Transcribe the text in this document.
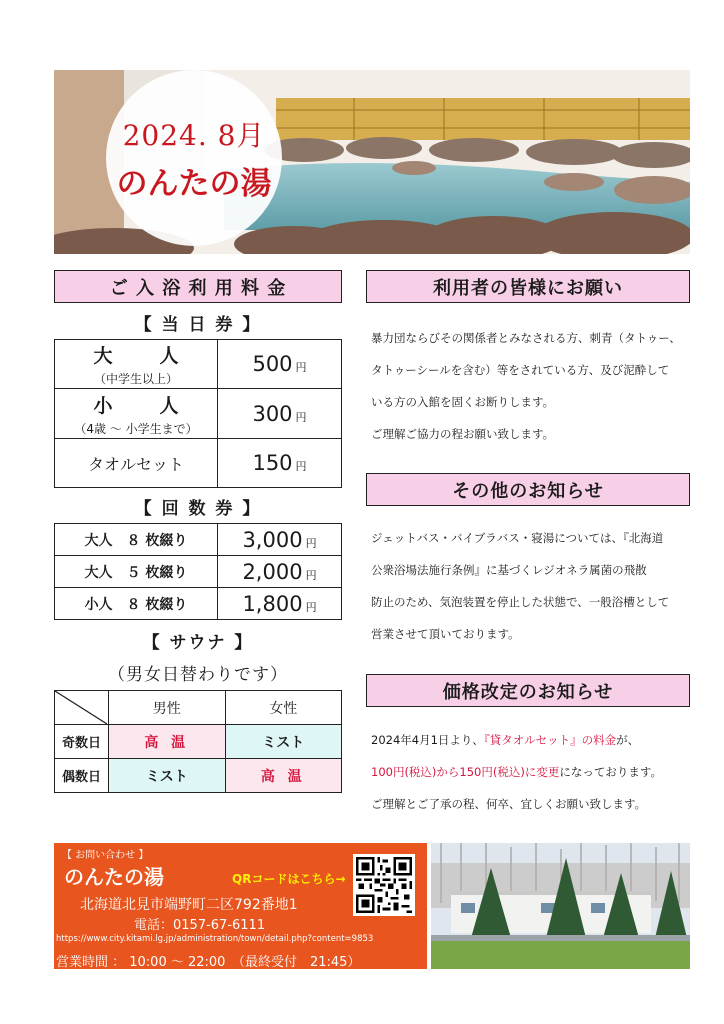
2024. 8月
のんたの湯
ご 入 浴 利 用 料 金
【 当 日 券 】
大　人
（中学生以上）	500 円

小　人
（4歳 ～ 小学生まで）	300 円

タオルセット	150 円
【 回 数 券 】
大人　８ 枚綴り	3,000 円
大人　５ 枚綴り	2,000 円
小人　８ 枚綴り	1,800 円
【 サウナ 】
（男女日替わりです）
	男性	女性
奇数日	高 温	ミスト
偶数日	ミスト	高 温
利用者の皆様にお願い
暴力団ならびその関係者とみなされる方、刺青（タトゥー、
タトゥーシールを含む）等をされている方、及び泥酔して
いる方の入館を固くお断りします。
ご理解ご協力の程お願い致します。
その他のお知らせ
ジェットバス・バイブラバス・寝湯については、『北海道
公衆浴場法施行条例』に基づくレジオネラ属菌の飛散
防止のため、気泡装置を停止した状態で、一般浴槽として
営業させて頂いております。
価格改定のお知らせ
2024年4月1日より、『貸タオルセット』の料金が、
100円(税込)から150円(税込)に変更になっております。
ご理解とご了承の程、何卒、宜しくお願い致します。
【 お問い合わせ 】
のんたの湯	QRコードはこちら→
北海道北見市端野町二区792番地1
電話：0157-67-6111
https://www.city.kitami.lg.jp/administration/town/detail.php?content=9853
営業時間 ： 10:00 ～ 22:00　（最終受付　21:45）
